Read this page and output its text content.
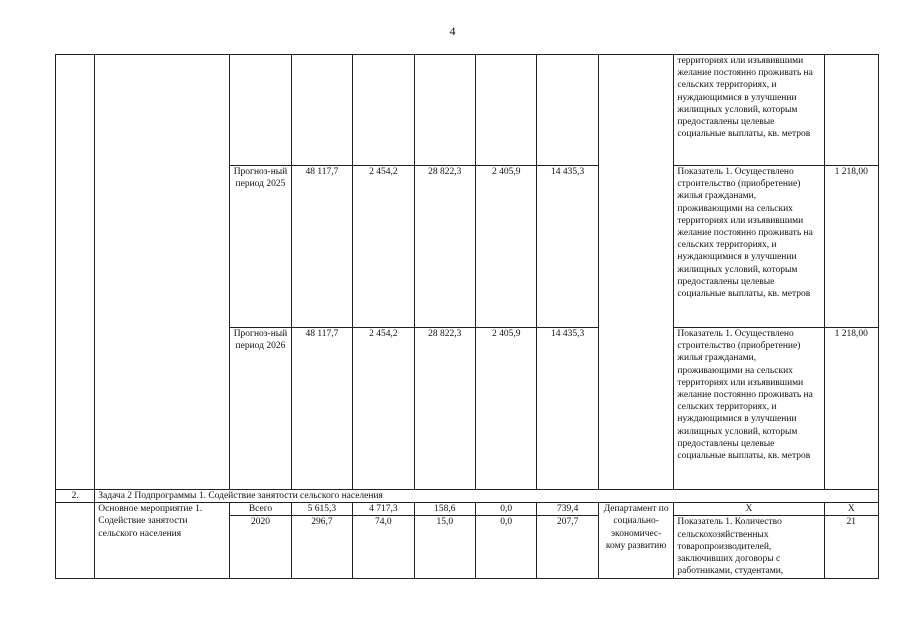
4
									территориях или изъявившими желание постоянно проживать на сельских территориях, и нуждающимися в улучшении жилищных условий, которым предоставлены целевые социальные выплаты, кв. метров	
		Прогноз-ный период 2025	48 117,7	2 454,2	28 822,3	2 405,9	14 435,3		Показатель 1. Осуществлено строительство (приобретение) жилья гражданами, проживающими на сельских территориях или изъявившими желание постоянно проживать на сельских территориях, и нуждающимися в улучшении жилищных условий, которым предоставлены целевые социальные выплаты, кв. метров	1 218,00
		Прогноз-ный период 2026	48 117,7	2 454,2	28 822,3	2 405,9	14 435,3		Показатель 1. Осуществлено строительство (приобретение) жилья гражданами, проживающими на сельских территориях или изъявившими желание постоянно проживать на сельских территориях, и нуждающимися в улучшении жилищных условий, которым предоставлены целевые социальные выплаты, кв. метров	1 218,00
2.	Задача 2 Подпрограммы 1. Содействие занятости сельского населения									
	Основное мероприятие 1. Содействие занятости сельского населения	Всего	5 615,3	4 717,3	158,6	0,0	739,4	Департамент по социально-экономичес-кому развитию	Х	Х
		2020	296,7	74,0	15,0	0,0	207,7		Показатель 1. Количество сельскохозяйственных товаропроизводителей, заключивших договоры с работниками, студентами,	21
